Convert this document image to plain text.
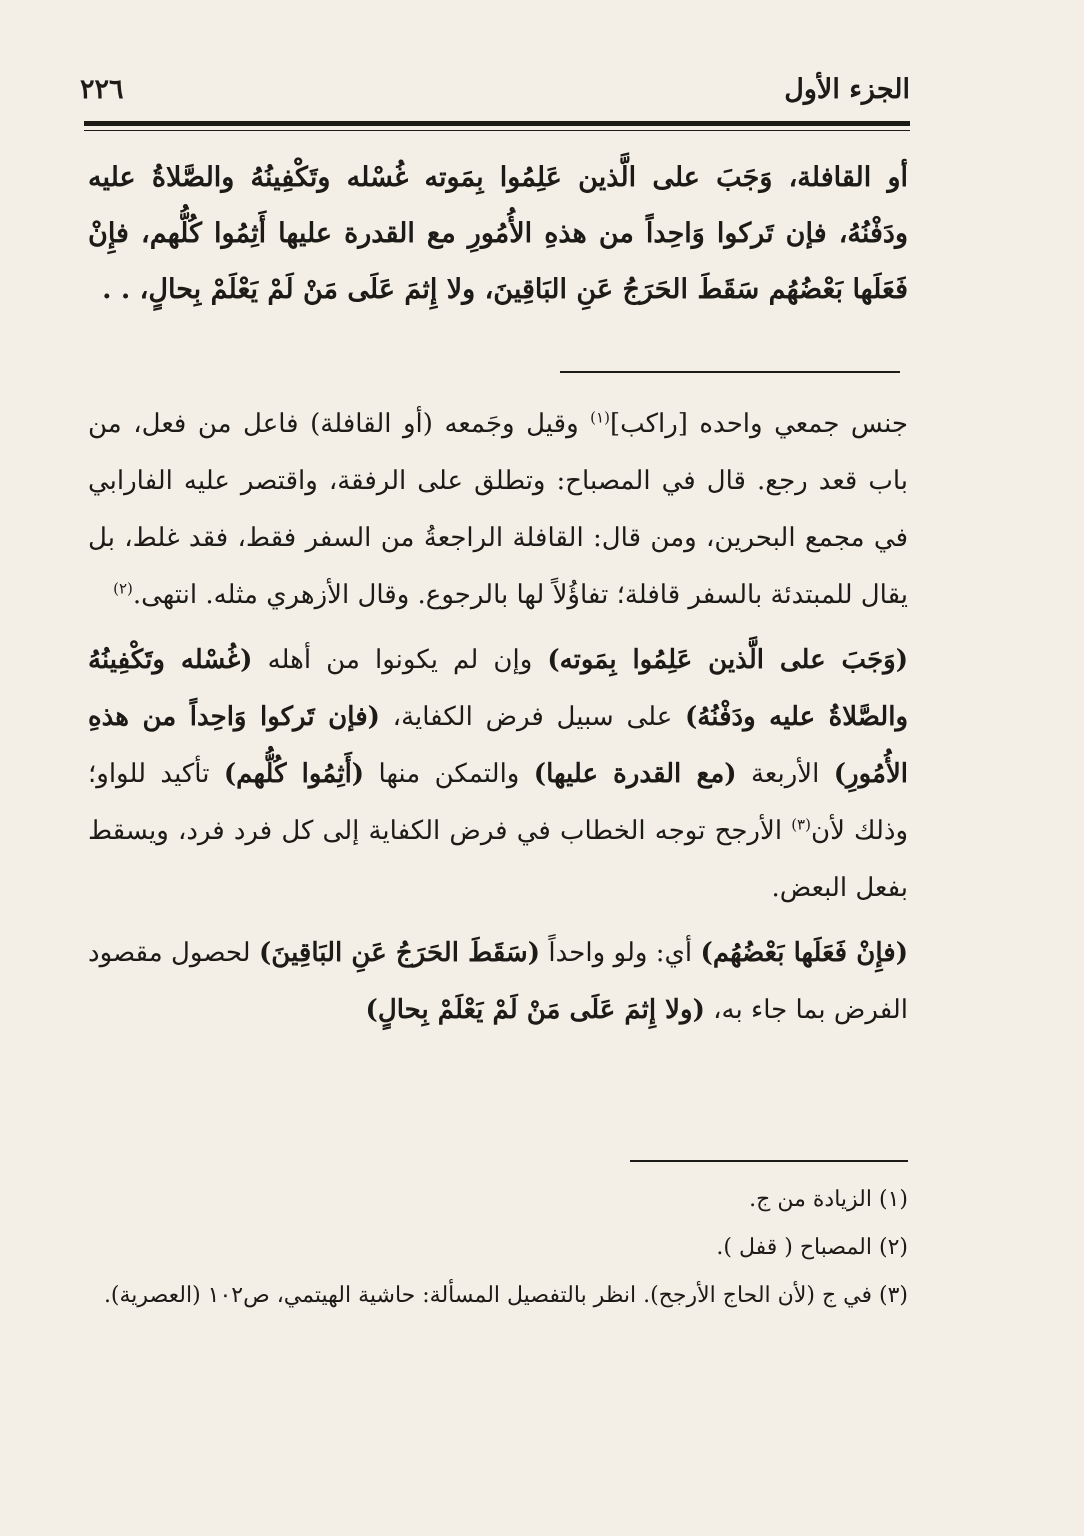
الجزء الأول
٢٢٦

أو القافلة، وَجَبَ على الَّذين عَلِمُوا بِمَوته غُسْله وتَكْفِينُهُ والصَّلاةُ عليه ودَفْنُهُ، فإن تَركوا وَاحِداً من هذهِ الأُمُورِ مع القدرة عليها أَثِمُوا كُلُّهم، فإِنْ فَعَلَها بَعْضُهُم سَقَطَ الحَرَجُ عَنِ البَاقِينَ، ولا إِثمَ عَلَى مَنْ لَمْ يَعْلَمْ بِحالٍ، . .

جنس جمعي واحده [راكب]$^{(١)}$ وقيل وجَمعه (أو القافلة) فاعل من فعل، من باب قعد رجع. قال في المصباح: وتطلق على الرفقة، واقتصر عليه الفارابي في مجمع البحرين، ومن قال: القافلة الراجعةُ من السفر فقط، فقد غلط، بل يقال للمبتدئة بالسفر قافلة؛ تفاؤُلاً لها بالرجوع. وقال الأزهري مثله. انتهى.$^{(٢)}$

(وَجَبَ على الَّذين عَلِمُوا بِمَوته) وإن لم يكونوا من أهله (غُسْله وتَكْفِينُهُ والصَّلاةُ عليه ودَفْنُهُ) على سبيل فرض الكفاية، (فإن تَركوا وَاحِداً من هذهِ الأُمُورِ) الأربعة (مع القدرة عليها) والتمكن منها (أَثِمُوا كُلُّهم) تأكيد للواو؛ وذلك لأن$^{(٣)}$ الأرجح توجه الخطاب في فرض الكفاية إلى كل فرد فرد، ويسقط بفعل البعض.

(فإِنْ فَعَلَها بَعْضُهُم) أي: ولو واحداً (سَقَطَ الحَرَجُ عَنِ البَاقِينَ) لحصول مقصود الفرض بما جاء به، (ولا إِثمَ عَلَى مَنْ لَمْ يَعْلَمْ بِحالٍ)

(١) الزيادة من ج.

(٢) المصباح ( قفل ).

(٣) في ج (لأن الحاج الأرجح). انظر بالتفصيل المسألة: حاشية الهيتمي، ص١٠٢ (العصرية).
